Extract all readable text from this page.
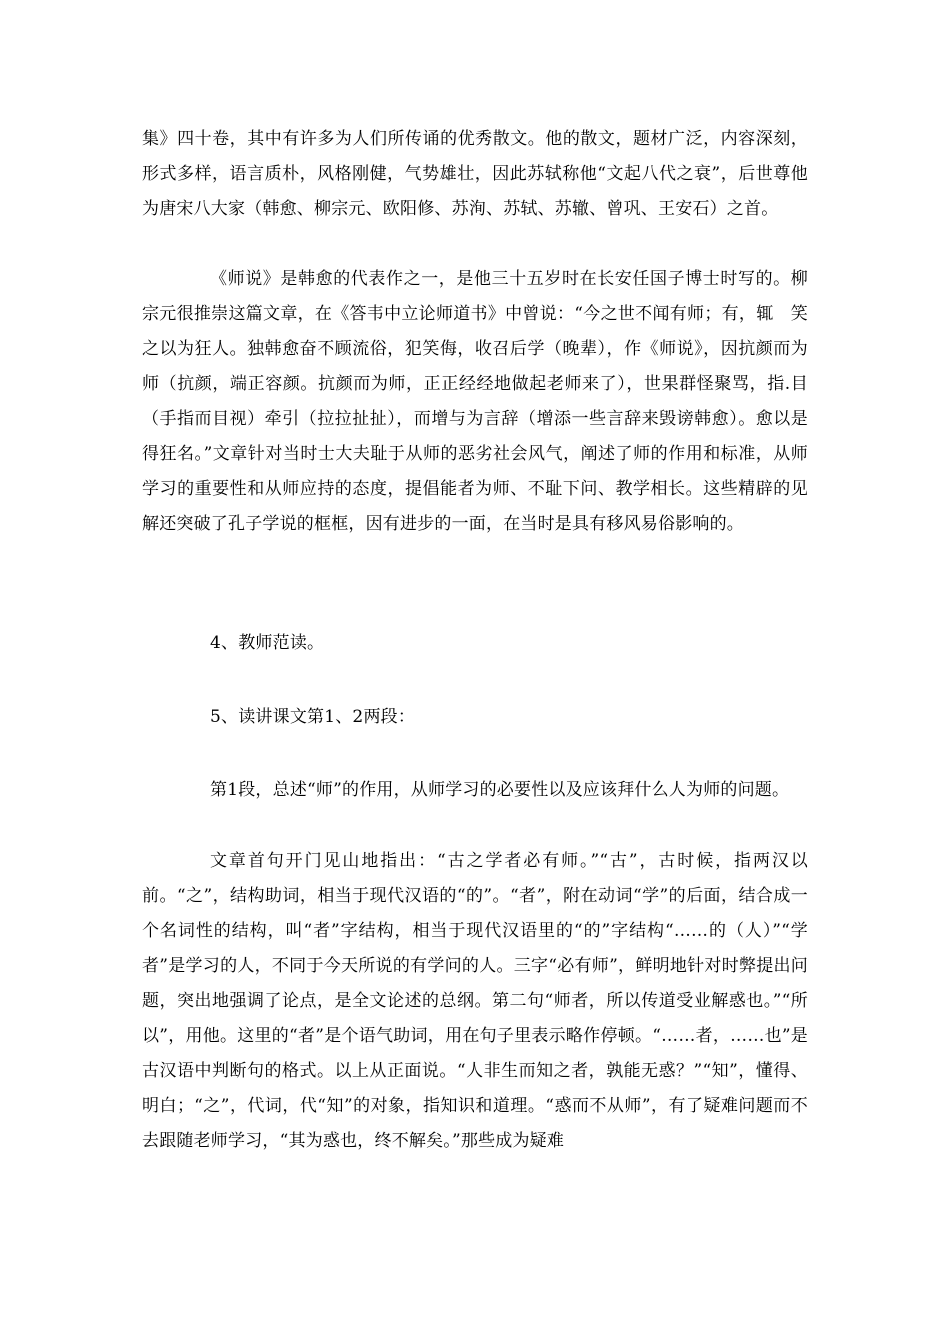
集》四十卷，其中有许多为人们所传诵的优秀散文。他的散文，题材广泛，内容深刻，形式多样，语言质朴，风格刚健，气势雄壮，因此苏轼称他“文起八代之衰”，后世尊他为唐宋八大家（韩愈、柳宗元、欧阳修、苏洵、苏轼、苏辙、曾巩、王安石）之首。

《师说》是韩愈的代表作之一，是他三十五岁时在长安任国子博士时写的。柳宗元很推崇这篇文章，在《答韦中立论师道书》中曾说：“今之世不闻有师；有，辄　笑之以为狂人。独韩愈奋不顾流俗，犯笑侮，收召后学（晚辈），作《师说》，因抗颜而为师（抗颜，端正容颜。抗颜而为师，正正经经地做起老师来了），世果群怪聚骂，指.目（手指而目视）牵引（拉拉扯扯），而增与为言辞（增添一些言辞来毁谤韩愈）。愈以是得狂名。”文章针对当时士大夫耻于从师的恶劣社会风气，阐述了师的作用和标准，从师学习的重要性和从师应持的态度，提倡能者为师、不耻下问、教学相长。这些精辟的见解还突破了孔子学说的框框，因有进步的一面，在当时是具有移风易俗影响的。

4、教师范读。

5、读讲课文第1、2两段：

第1段，总述“师”的作用，从师学习的必要性以及应该拜什么人为师的问题。

文章首句开门见山地指出：“古之学者必有师。”“古”，古时候，指两汉以前。“之”，结构助词，相当于现代汉语的“的”。“者”，附在动词“学”的后面，结合成一个名词性的结构，叫“者”字结构，相当于现代汉语里的“的”字结构“……的（人）”“学者”是学习的人，不同于今天所说的有学问的人。三字“必有师”，鲜明地针对时弊提出问题，突出地强调了论点，是全文论述的总纲。第二句“师者，所以传道受业解惑也。”“所以”，用他。这里的“者”是个语气助词，用在句子里表示略作停顿。“……者，……也”是古汉语中判断句的格式。以上从正面说。“人非生而知之者，孰能无惑？”“知”，懂得、明白；“之”，代词，代“知”的对象，指知识和道理。“惑而不从师”，有了疑难问题而不去跟随老师学习，“其为惑也，终不解矣。”那些成为疑难
